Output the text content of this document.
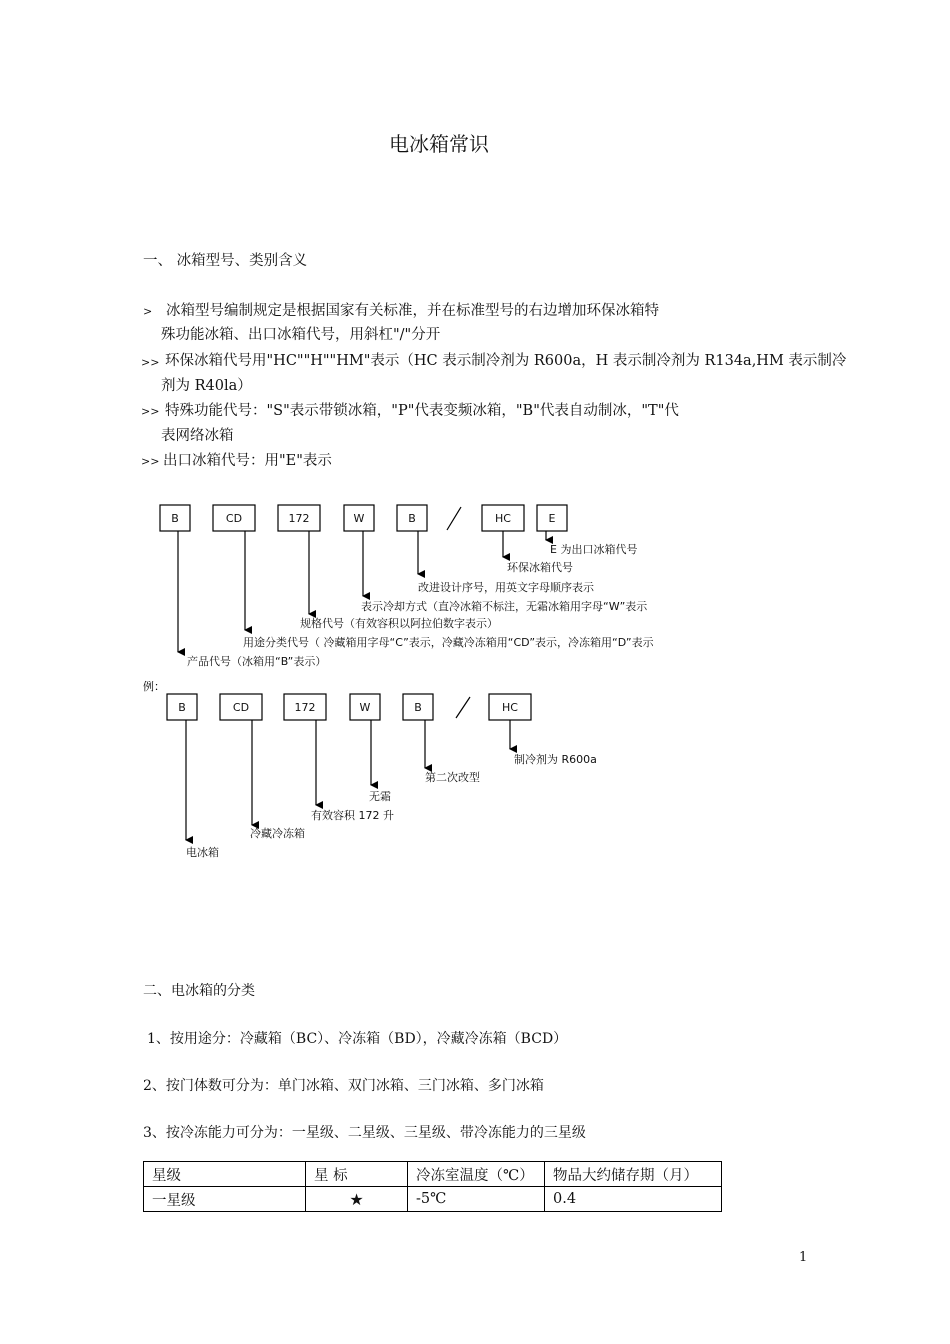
电冰箱常识
一、 冰箱型号、类别含义
> 冰箱型号编制规定是根据国家有关标准，并在标准型号的右边增加环保冰箱特
殊功能冰箱、出口冰箱代号，用斜杠"/"分开
>> 环保冰箱代号用"HC""H""HM"表示（HC 表示制冷剂为 R600a，H 表示制冷剂为 R134a,HM 表示制冷
剂为 R40la）
>> 特殊功能代号："S"表示带锁冰箱，"P"代表变频冰箱，"B"代表自动制冰，"T"代
表网络冰箱
>> 出口冰箱代号：用"E"表示
B	CD	172	W	B	HC	E
E 为出口冰箱代号
环保冰箱代号
改进设计序号，用英文字母顺序表示
表示冷却方式（直冷冰箱不标注，无霜冰箱用字母“W”表示
规格代号（有效容积以阿拉伯数字表示）
用途分类代号（ 冷藏箱用字母“C”表示，冷藏冷冻箱用“CD”表示，冷冻箱用“D”表示
产品代号（冰箱用“B”表示）
例：
B	CD	172	W	B	HC
制冷剂为 R600a
第二次改型
无霜
有效容积 172 升
冷藏冷冻箱
电冰箱
二、电冰箱的分类
1、按用途分：冷藏箱（BC）、冷冻箱（BD），冷藏冷冻箱（BCD）
2、按门体数可分为：单门冰箱、双门冰箱、三门冰箱、多门冰箱
3、按冷冻能力可分为：一星级、二星级、三星级、带冷冻能力的三星级
星级	星 标	冷冻室温度（℃）	物品大约储存期（月）
一星级	★	-5℃	0.4
1
